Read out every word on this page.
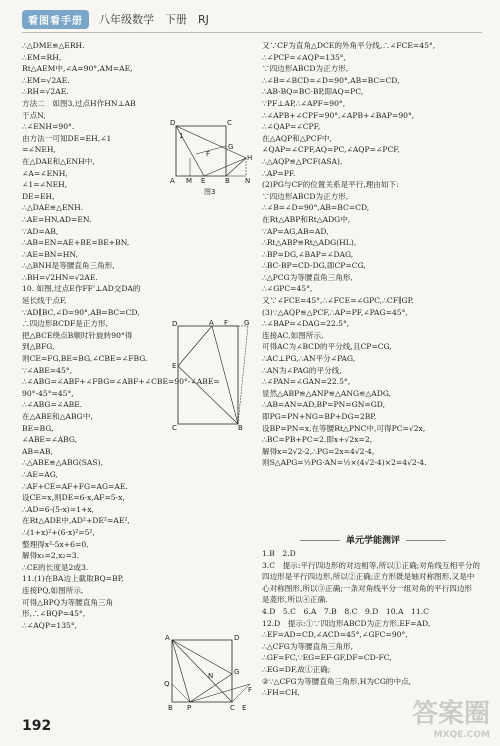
看图看手册	八年级数学　下册　RJ
∴△DME≌△ERH.
∴EM=RH,
Rt△AEM中,∠A=90°,AM=AE,
∴EM=√2AE.
∴RH=√2AE.
方法二　如图3,过点H作HN⊥AB
于点N,
∴∠ENH=90°.
由方法一可知DE=EH,∠1
=∠NEH,
在△DAE和△ENH中,
∠A=∠ENH,
∠1=∠NEH,
DE=EH,
∴△DAE≌△ENH.
∴AE=HN,AD=EN.
∵AD=AB,
∴AB=EN=AE+BE=BE+BN,
∴AE=BN=HN,
∴△BNH是等腰直角三角形,
∴BH=√2HN=√2AE.
10. 如图,过点E作FF'⊥AD交DA的
延长线于点F,
∵AD∥BC,∠D=90°,AB=BC=CD,
∴四边形BCDF是正方形,
把△BCE绕点B顺时针旋转90°得
到△BFG,
则CE=FG,BE=BG,∠CBE=∠FBG.
∵∠ABE=45°,
∴∠ABG=∠ABF+∠FBG=∠ABF+∠CBE=90°-∠ABE=
90°-45°=45°,
∴∠ABG=∠ABE.
在△ABE和△ABG中,
BE=BG,
∠ABE=∠ABG,
AB=AB,
∴△ABE≌△ABG(SAS),
∴AE=AG,
∴AF+CE=AF+FG=AG=AE.
设CE=x,则DE=6-x,AF=5-x,
∴AD=6-(5-x)=1+x,
在Rt△ADE中,AD²+DE²=AE²,
∴(1+x)²+(6-x)²=5²,
整理得x²-5x+6=0,
解得x₁=2,x₂=3.
∴CE的长度是2或3.
11.(1)在BA边上截取BQ=BP,
连接PQ,如图所示,
可得△BPQ为等腰直角三角
形,∴∠BQP=45°,
∴∠AQP=135°,
又∵CF为直角△DCE的外角平分线,∴∠FCE=45°,
∴∠PCF=∠AQP=135°,
∵四边形ABCD为正方形,
∴∠B=∠BCD=∠D=90°,AB=BC=CD,
∴AB-BQ=BC-BP,即AQ=PC,
∵PF⊥AP,∴∠APF=90°,
∴∠APB+∠CPF=90°,∠APB+∠BAP=90°,
∴∠QAP=∠CPF,
在△AQP和△PCF中,
∠QAP=∠CPF,AQ=PC,∠AQP=∠PCF,
∴△AQP≌△PCF(ASA),
∴AP=PF.
(2)PG与CF的位置关系是平行,理由如下:
∵四边形ABCD为正方形,
∴∠B=∠D=90°,AB=BC=CD,
在Rt△ABP和Rt△ADG中,
∵AP=AG,AB=AD,
∴Rt△ABP≌Rt△ADG(HL),
∴BP=DG,∠BAP=∠DAG,
∴BC-BP=CD-DG,即CP=CG,
∴△PCG为等腰直角三角形,
∴∠GPC=45°,
又∵∠FCE=45°,∴∠FCE=∠GPC,∴CF∥GP.
(3)∵△AQP≌△PCF,∴AP=PF,∠PAG=45°,
∴∠BAP=∠DAG=22.5°,
连接AC,如图所示,
可得AC为∠BCD的平分线,且CP=CG,
∴AC⊥PG,∴AN平分∠PAG,
∴AN为∠PAG的平分线,
∴∠PAN=∠GAN=22.5°,
显然△ABP≌△ANP≌△ANG≌△ADG,
∴AB=AN=AD,BP=PN=GN=GD,
即PG=PN+NG=BP+DG=2BP,
设BP=PN=x,在等腰Rt△PNC中,可得PC=√2x,
∴BC=PB+PC=2,即x+√2x=2,
解得x=2√2-2,∴PG=2x=4√2-4,
则S△APG=½PG·AN=½×(4√2-4)×2=4√2-4.
D	C
1
F
G
H
A	E	B N
M
图3
D	A F G
E
C	B
A	D
N	G
Q
F
B P	C E
单元学能测评
1.B　2.D
3.C　提示:平行四边形的对边相等,所以①正确;对角线互相平分的
四边形是平行四边形,所以②正确;正方形既是轴对称图形,又是中
心对称图形,所以③正确;一条对角线平分一组对角的平行四边形
是菱形,所以④正确.
4.D　5.C　6.A　7.B　8.C　9.D　10.A　11.C
12.D　提示:①∵四边形ABCD为正方形,EF=AD,
∴EF=AD=CD,∠ACD=45°,∠GFC=90°,
∴△CFG为等腰直角三角形,
∴GF=FC,∵EG=EF-GF,DF=CD-FC,
∴EG=DF,故①正确;
②∵△CFG为等腰直角三角形,H为CG的中点,
∴FH=CH,
192	答案圈
MXQE.COM
